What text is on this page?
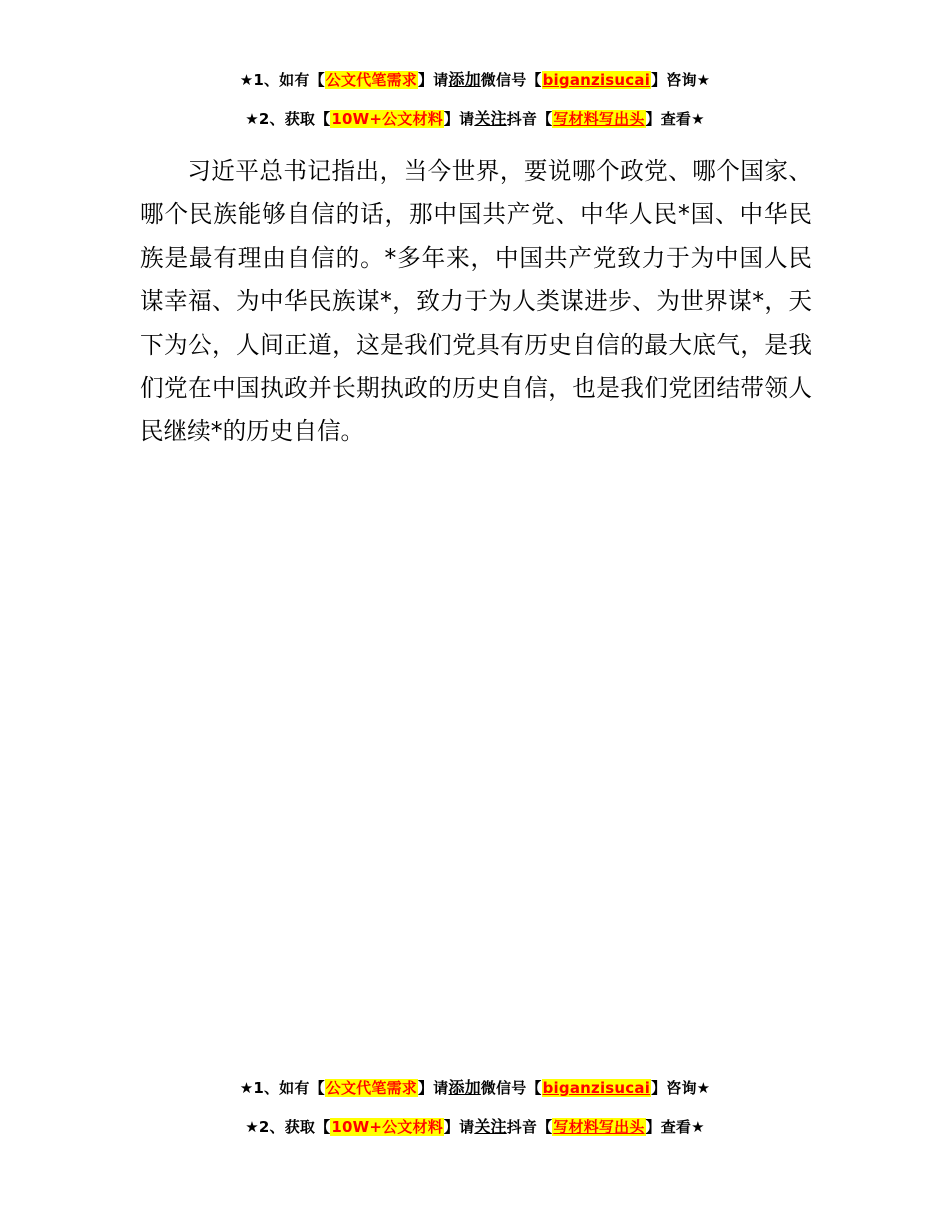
★1、如有【公文代笔需求】请添加微信号【biganzisucai】咨询★
★2、获取【10W+公文材料】请关注抖音【写材料写出头】查看★

习近平总书记指出，当今世界，要说哪个政党、哪个国家、哪个民族能够自信的话，那中国共产党、中华人民*国、中华民族是最有理由自信的。*多年来，中国共产党致力于为中国人民谋幸福、为中华民族谋*，致力于为人类谋进步、为世界谋*，天下为公，人间正道，这是我们党具有历史自信的最大底气，是我们党在中国执政并长期执政的历史自信，也是我们党团结带领人民继续*的历史自信。

★1、如有【公文代笔需求】请添加微信号【biganzisucai】咨询★
★2、获取【10W+公文材料】请关注抖音【写材料写出头】查看★
